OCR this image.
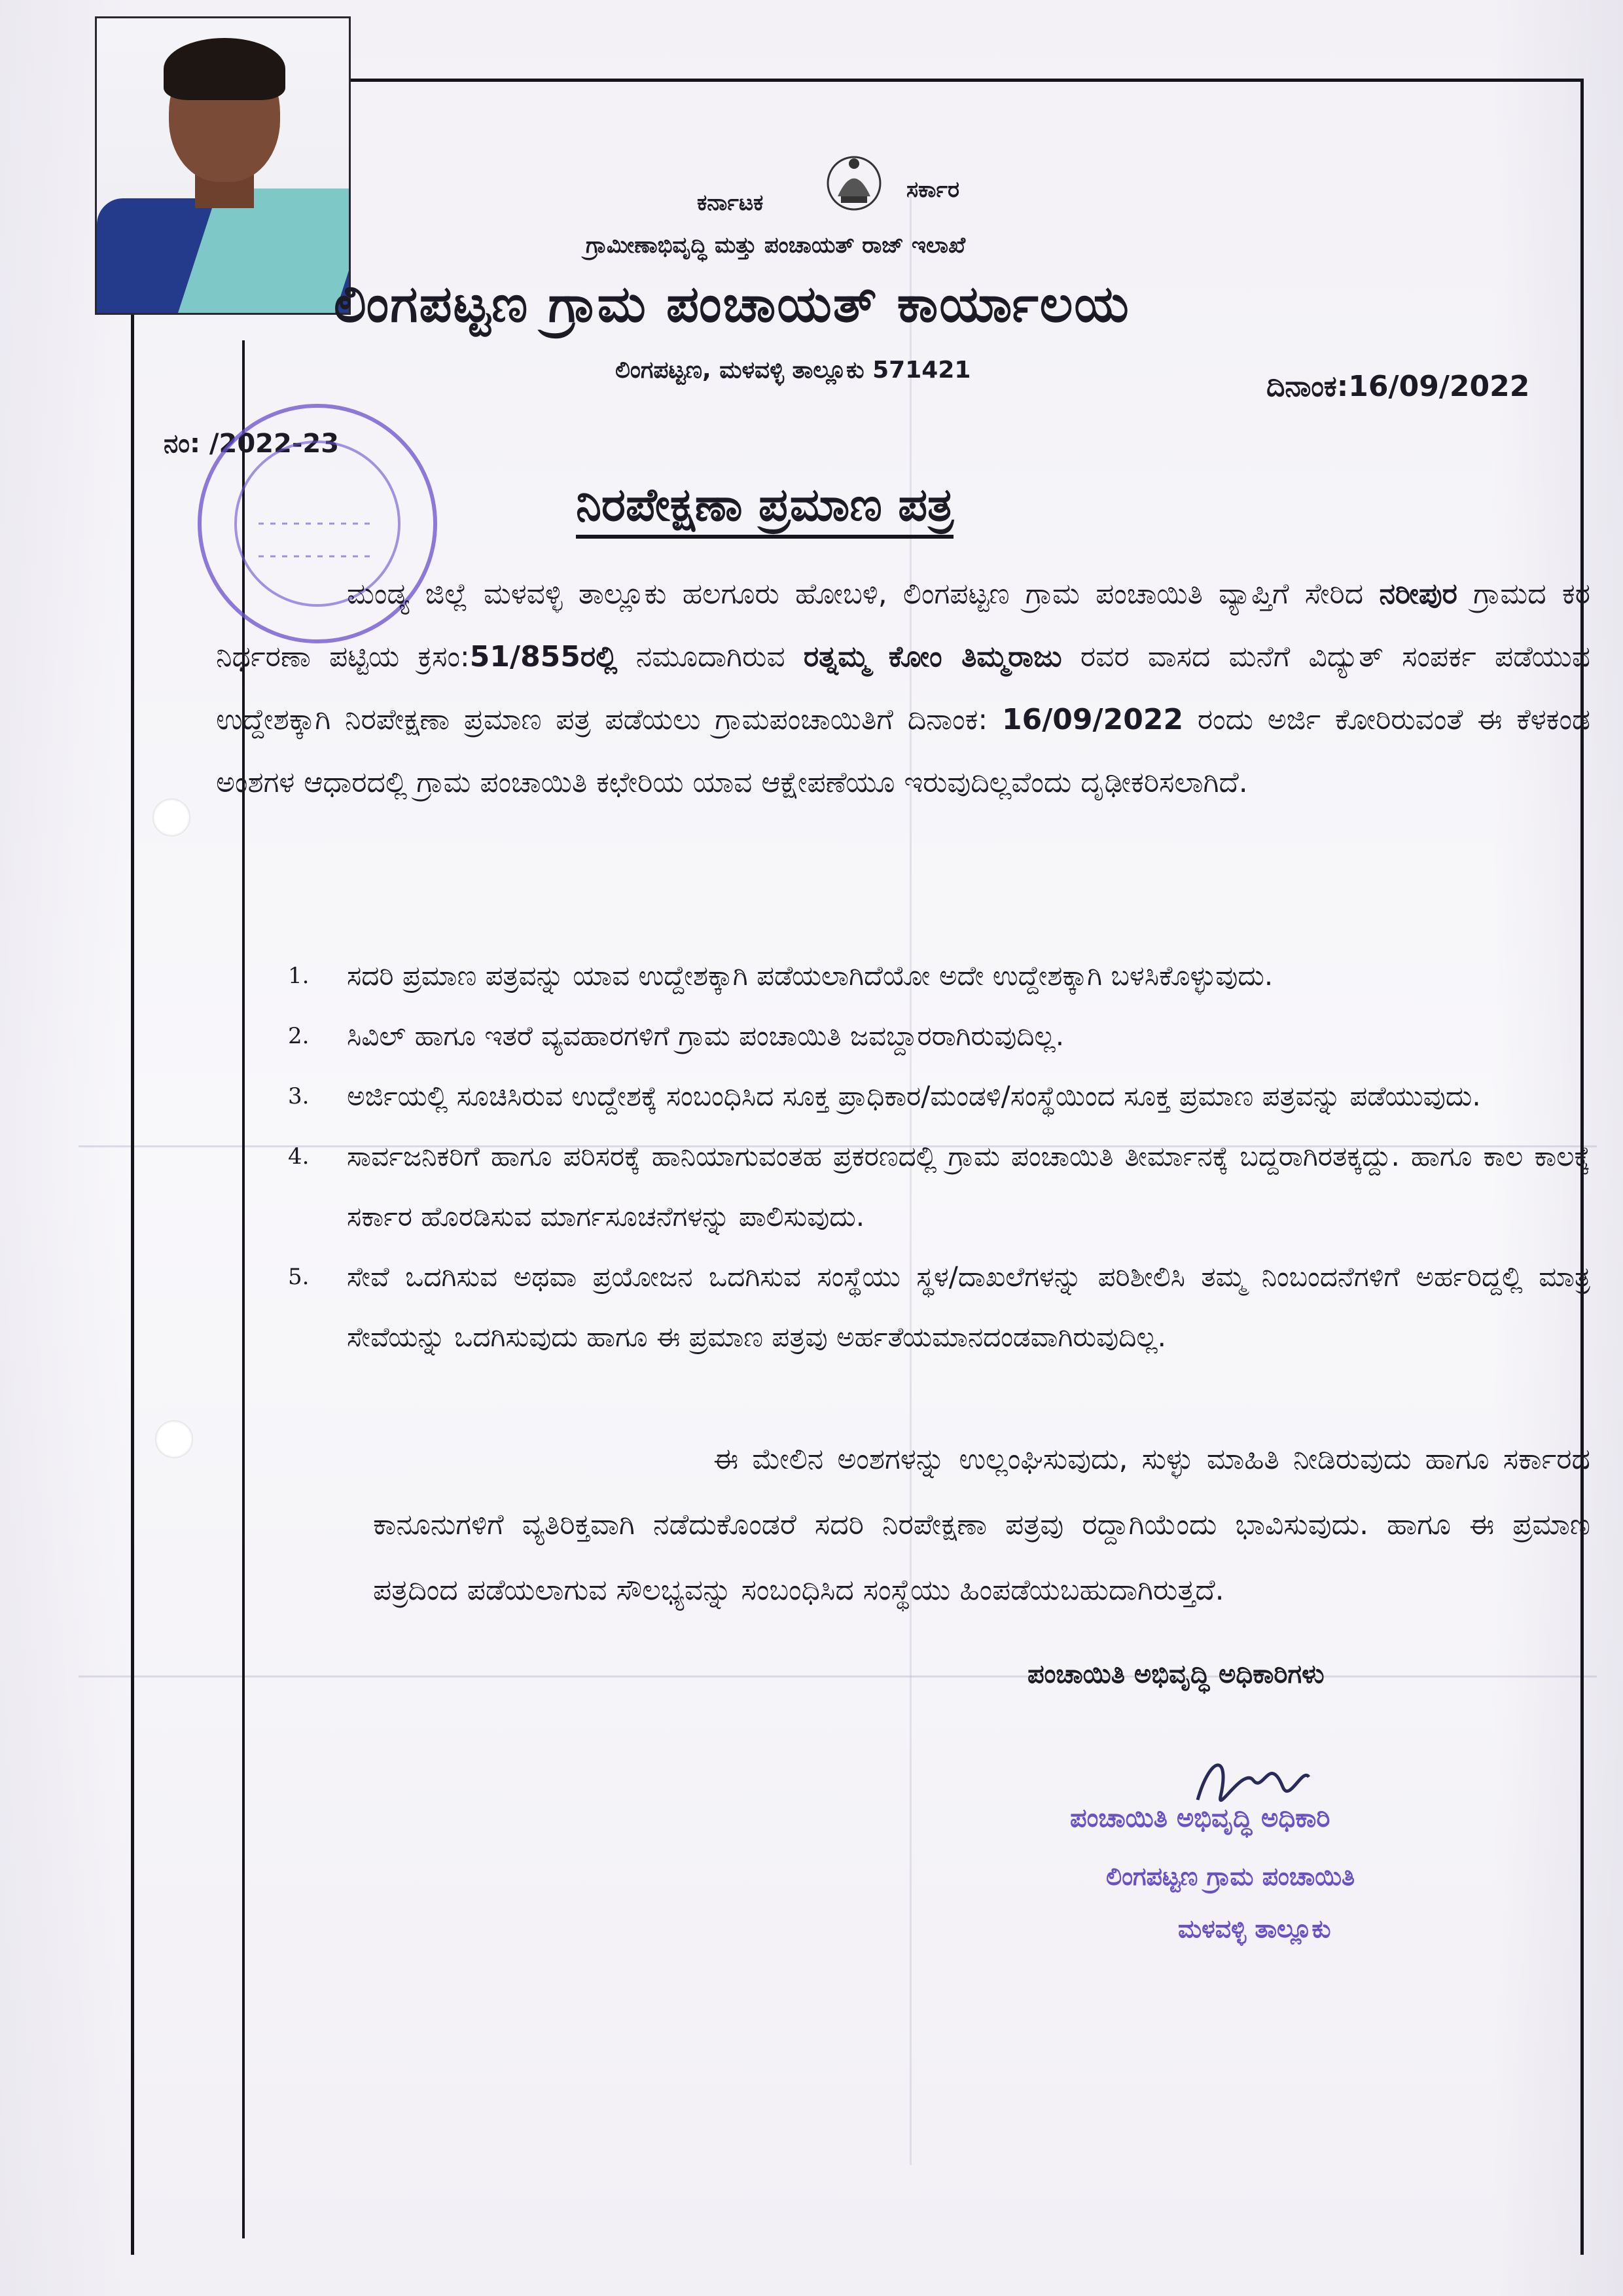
ಕರ್ನಾಟಕ	ಸರ್ಕಾರ
ಗ್ರಾಮೀಣಾಭಿವೃದ್ಧಿ ಮತ್ತು ಪಂಚಾಯತ್ ರಾಜ್ ಇಲಾಖೆ
ಲಿಂಗಪಟ್ಟಣ ಗ್ರಾಮ ಪಂಚಾಯತ್ ಕಾರ್ಯಾಲಯ
ಲಿಂಗಪಟ್ಟಣ, ಮಳವಳ್ಳಿ ತಾಲ್ಲೂಕು 571421	ದಿನಾಂಕ:16/09/2022
ನಂ: /2022-23
ನಿರಪೇಕ್ಷಣಾ ಪ್ರಮಾಣ ಪತ್ರ
ಮಂಡ್ಯ ಜಿಲ್ಲೆ ಮಳವಳ್ಳಿ ತಾಲ್ಲೂಕು ಹಲಗೂರು ಹೋಬಳಿ, ಲಿಂಗಪಟ್ಟಣ ಗ್ರಾಮ ಪಂಚಾಯಿತಿ ವ್ಯಾಪ್ತಿಗೆ ಸೇರಿದ ನರೀಪುರ ಗ್ರಾಮದ ಕರ ನಿರ್ಧರಣಾ ಪಟ್ಟಿಯ ಕ್ರಸಂ:51/855ರಲ್ಲಿ ನಮೂದಾಗಿರುವ ರತ್ನಮ್ಮ ಕೋಂ ತಿಮ್ಮರಾಜು ರವರ ವಾಸದ ಮನೆಗೆ ವಿದ್ಯುತ್ ಸಂಪರ್ಕ ಪಡೆಯುವ ಉದ್ದೇಶಕ್ಕಾಗಿ ನಿರಪೇಕ್ಷಣಾ ಪ್ರಮಾಣ ಪತ್ರ ಪಡೆಯಲು ಗ್ರಾಮಪಂಚಾಯಿತಿಗೆ ದಿನಾಂಕ: 16/09/2022 ರಂದು ಅರ್ಜಿ ಕೋರಿರುವಂತೆ ಈ ಕೆಳಕಂಡ ಅಂಶಗಳ ಆಧಾರದಲ್ಲಿ ಗ್ರಾಮ ಪಂಚಾಯಿತಿ ಕಛೇರಿಯ ಯಾವ ಆಕ್ಷೇಪಣೆಯೂ ಇರುವುದಿಲ್ಲವೆಂದು ದೃಢೀಕರಿಸಲಾಗಿದೆ.
1.	ಸದರಿ ಪ್ರಮಾಣ ಪತ್ರವನ್ನು ಯಾವ ಉದ್ದೇಶಕ್ಕಾಗಿ ಪಡೆಯಲಾಗಿದೆಯೋ ಅದೇ ಉದ್ದೇಶಕ್ಕಾಗಿ ಬಳಸಿಕೊಳ್ಳುವುದು.
2.	ಸಿವಿಲ್ ಹಾಗೂ ಇತರೆ ವ್ಯವಹಾರಗಳಿಗೆ ಗ್ರಾಮ ಪಂಚಾಯಿತಿ ಜವಬ್ದಾರರಾಗಿರುವುದಿಲ್ಲ.
3.	ಅರ್ಜಿಯಲ್ಲಿ ಸೂಚಿಸಿರುವ ಉದ್ದೇಶಕ್ಕೆ ಸಂಬಂಧಿಸಿದ ಸೂಕ್ತ ಪ್ರಾಧಿಕಾರ/ಮಂಡಳಿ/ಸಂಸ್ಥೆಯಿಂದ ಸೂಕ್ತ ಪ್ರಮಾಣ ಪತ್ರವನ್ನು ಪಡೆಯುವುದು.
4.	ಸಾರ್ವಜನಿಕರಿಗೆ ಹಾಗೂ ಪರಿಸರಕ್ಕೆ ಹಾನಿಯಾಗುವಂತಹ ಪ್ರಕರಣದಲ್ಲಿ ಗ್ರಾಮ ಪಂಚಾಯಿತಿ ತೀರ್ಮಾನಕ್ಕೆ ಬದ್ದರಾಗಿರತಕ್ಕದ್ದು. ಹಾಗೂ ಕಾಲ ಕಾಲಕ್ಕೆ ಸರ್ಕಾರ ಹೊರಡಿಸುವ ಮಾರ್ಗಸೂಚನೆಗಳನ್ನು ಪಾಲಿಸುವುದು.
5.	ಸೇವೆ ಒದಗಿಸುವ ಅಥವಾ ಪ್ರಯೋಜನ ಒದಗಿಸುವ ಸಂಸ್ಥೆಯು ಸ್ಥಳ/ದಾಖಲೆಗಳನ್ನು ಪರಿಶೀಲಿಸಿ ತಮ್ಮ ನಿಂಬಂದನೆಗಳಿಗೆ ಅರ್ಹರಿದ್ದಲ್ಲಿ ಮಾತ್ರ ಸೇವೆಯನ್ನು ಒದಗಿಸುವುದು ಹಾಗೂ ಈ ಪ್ರಮಾಣ ಪತ್ರವು ಅರ್ಹತೆಯಮಾನದಂಡವಾಗಿರುವುದಿಲ್ಲ.
ಈ ಮೇಲಿನ ಅಂಶಗಳನ್ನು ಉಲ್ಲಂಘಿಸುವುದು, ಸುಳ್ಳು ಮಾಹಿತಿ ನೀಡಿರುವುದು ಹಾಗೂ ಸರ್ಕಾರದ ಕಾನೂನುಗಳಿಗೆ ವ್ಯತಿರಿಕ್ತವಾಗಿ ನಡೆದುಕೊಂಡರೆ ಸದರಿ ನಿರಪೇಕ್ಷಣಾ ಪತ್ರವು ರದ್ದಾಗಿಯೆಂದು ಭಾವಿಸುವುದು. ಹಾಗೂ ಈ ಪ್ರಮಾಣ ಪತ್ರದಿಂದ ಪಡೆಯಲಾಗುವ ಸೌಲಭ್ಯವನ್ನು ಸಂಬಂಧಿಸಿದ ಸಂಸ್ಥೆಯು ಹಿಂಪಡೆಯಬಹುದಾಗಿರುತ್ತದೆ.
ಪಂಚಾಯಿತಿ ಅಭಿವೃದ್ಧಿ ಅಧಿಕಾರಿಗಳು
ಪಂಚಾಯಿತಿ ಅಭಿವೃದ್ಧಿ ಅಧಿಕಾರಿ
ಲಿಂಗಪಟ್ಟಣ ಗ್ರಾಮ ಪಂಚಾಯಿತಿ
ಮಳವಳ್ಳಿ ತಾಲ್ಲೂಕು
